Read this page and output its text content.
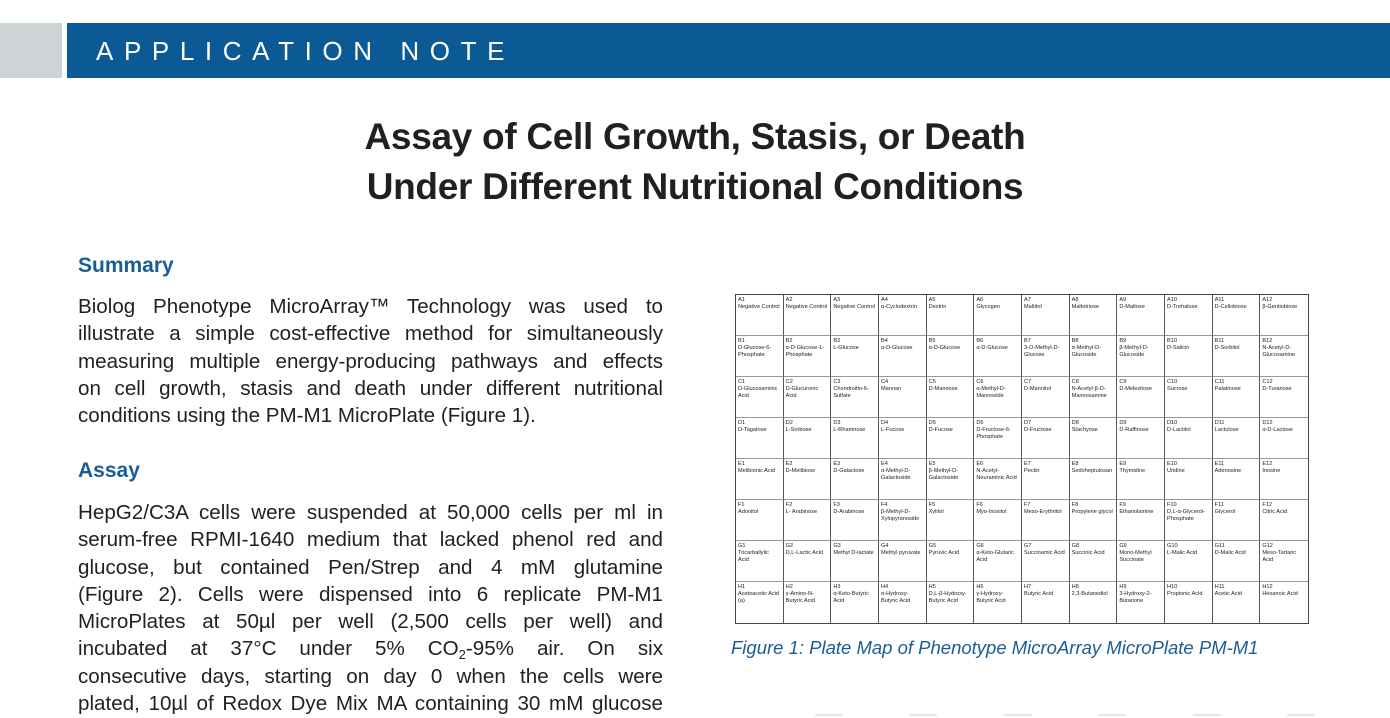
APPLICATION NOTE
Assay of Cell Growth, Stasis, or Death
Under Different Nutritional Conditions
Summary
Biolog Phenotype MicroArray™ Technology was used to
illustrate a simple cost-effective method for simultaneously
measuring multiple energy-producing pathways and effects
on cell growth, stasis and death under different nutritional
conditions using the PM-M1 MicroPlate (Figure 1).
Assay
HepG2/C3A cells were suspended at 50,000 cells per ml in
serum-free RPMI-1640 medium that lacked phenol red and
glucose, but contained Pen/Strep and 4 mM glutamine
(Figure 2). Cells were dispensed into 6 replicate PM-M1
MicroPlates at 50µl per well (2,500 cells per well) and
incubated at 37°C under 5% $CO_2-95\%$ air. On six
consecutive days, starting on day 0 when the cells were
plated, 10µl of Redox Dye Mix MA containing 30 mM glucose
A1
Negative Control
A2
Negative Control
A3
Negative Control
A4
α-Cyclodextrin
A5
Dextrin
A6
Glycogen
A7
Maltitol
A8
Maltotriose
A9
D-Maltose
A10
D-Trehalose
A11
D-Cellobiose
A12
β-Gentiobiose
B1
D-Glucose-6-Phosphate
B2
α-D-Glucose-1-Phosphate
B3
L-Glucose
B4
α-D-Glucose
B5
α-D-Glucose
B6
α-D-Glucose
B7
3-O-Methyl-D-Glucose
B8
α-Methyl-D-Glucoside
B9
β-Methyl-D-Glucoside
B10
D-Salicin
B11
D-Sorbitol
B12
N-Acetyl-D-Glucosamine
C1
D-Glucosaminic Acid
C2
D-Glucuronic Acid
C3
Chondroitin-6-Sulfate
C4
Mannan
C5
D-Mannose
C6
α-Methyl-D-Mannoside
C7
D-Mannitol
C8
N-Acetyl-β-D-Mannosamine
C9
D-Melezitose
C10
Sucrose
C11
Palatinose
C12
D-Turanose
D1
D-Tagatose
D2
L-Sorbose
D3
L-Rhamnose
D4
L-Fucose
D5
D-Fucose
D6
D-Fructose-6-Phosphate
D7
D-Fructose
D8
Stachyose
D9
D-Raffinose
D10
D-Lactitol
D11
Lactulose
D12
α-D-Lactose
E1
Melibionic Acid
E2
D-Melibiose
E3
D-Galactose
E4
α-Methyl-D-Galactoside
E5
β-Methyl-D-Galactoside
E6
N-Acetyl-Neuraminic Acid
E7
Pectin
E8
Sedoheptulosan
E9
Thymidine
E10
Uridine
E11
Adenosine
E12
Inosine
F1
Adonitol
F2
L- Arabinose
F3
D-Arabinose
F4
β-Methyl-D-Xylopyranoside
F5
Xylitol
F6
Myo-Inositol
F7
Meso-Erythritol
F8
Propylene glycol
F9
Ethanolamine
F10
D,L-α-Glycerol-Phosphate
F11
Glycerol
F12
Citric Acid
G1
Tricarballylic Acid
G2
D,L-Lactic Acid
G3
Methyl D-lactate
G4
Methyl pyruvate
G5
Pyruvic Acid
G6
α-Keto-Glutaric Acid
G7
Succinamic Acid
G8
Succinic Acid
G9
Mono-Methyl Succinate
G10
L-Malic Acid
G11
D-Malic Acid
G12
Meso-Tartaric Acid
H1
Acetoacetic Acid (a)
H2
γ-Amino-N-Butyric Acid
H3
α-Keto-Butyric Acid
H4
α-Hydroxy-Butyric Acid
H5
D,L-β-Hydroxy-Butyric Acid
H6
γ-Hydroxy-Butyric Acid
H7
Butyric Acid
H8
2,3-Butanediol
H9
3-Hydroxy-2-Butanone
H10
Propionic Acid
H11
Acetic Acid
H12
Hexanoic Acid
Figure 1: Plate Map of Phenotype MicroArray MicroPlate PM-M1
